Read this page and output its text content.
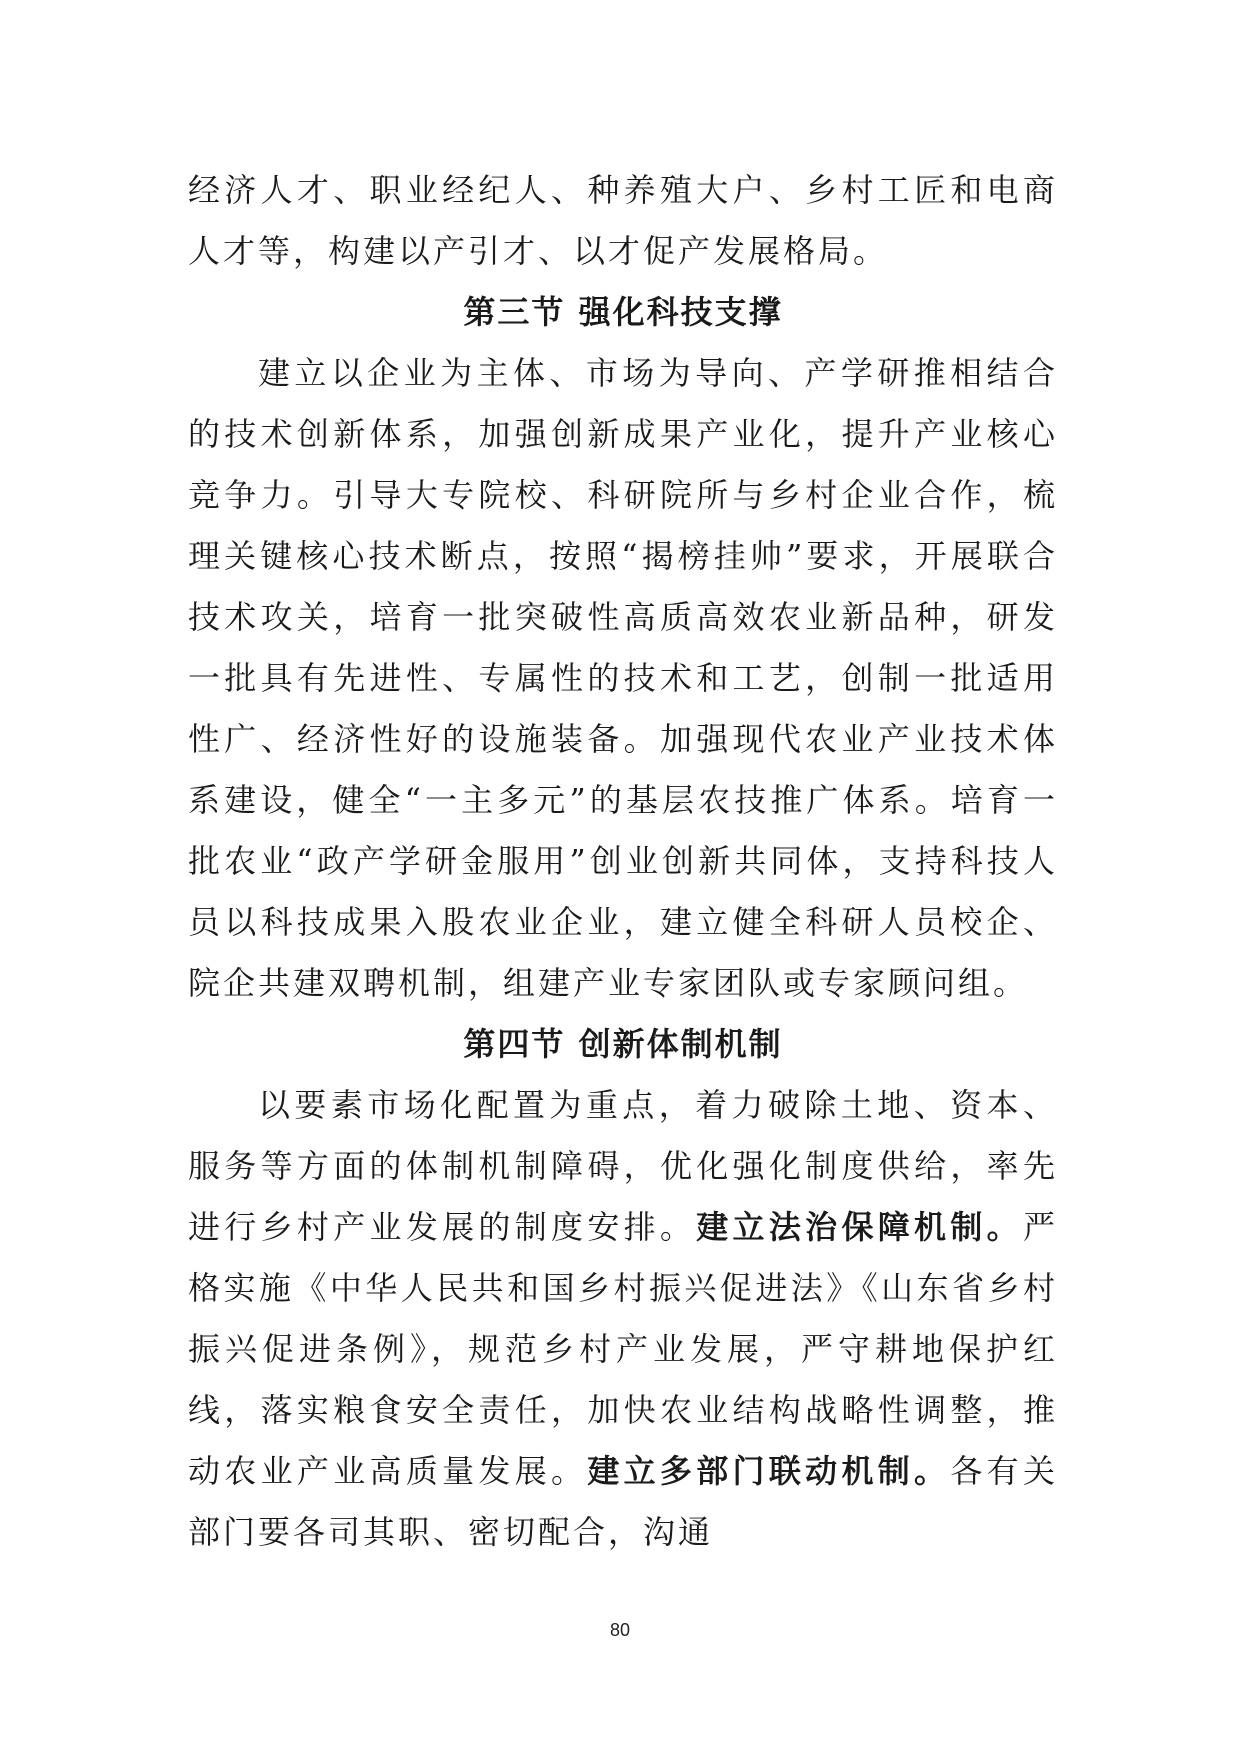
经济人才、职业经纪人、种养殖大户、乡村工匠和电商人才等，构建以产引才、以才促产发展格局。

第三节 强化科技支撑

建立以企业为主体、市场为导向、产学研推相结合的技术创新体系，加强创新成果产业化，提升产业核心竞争力。引导大专院校、科研院所与乡村企业合作，梳理关键核心技术断点，按照“揭榜挂帅”要求，开展联合技术攻关，培育一批突破性高质高效农业新品种，研发一批具有先进性、专属性的技术和工艺，创制一批适用性广、经济性好的设施装备。加强现代农业产业技术体系建设，健全“一主多元”的基层农技推广体系。培育一批农业“政产学研金服用”创业创新共同体，支持科技人员以科技成果入股农业企业，建立健全科研人员校企、院企共建双聘机制，组建产业专家团队或专家顾问组。

第四节 创新体制机制

以要素市场化配置为重点，着力破除土地、资本、服务等方面的体制机制障碍，优化强化制度供给，率先进行乡村产业发展的制度安排。建立法治保障机制。严格实施《中华人民共和国乡村振兴促进法》《山东省乡村振兴促进条例》，规范乡村产业发展，严守耕地保护红线，落实粮食安全责任，加快农业结构战略性调整，推动农业产业高质量发展。建立多部门联动机制。各有关部门要各司其职、密切配合，沟通

80
